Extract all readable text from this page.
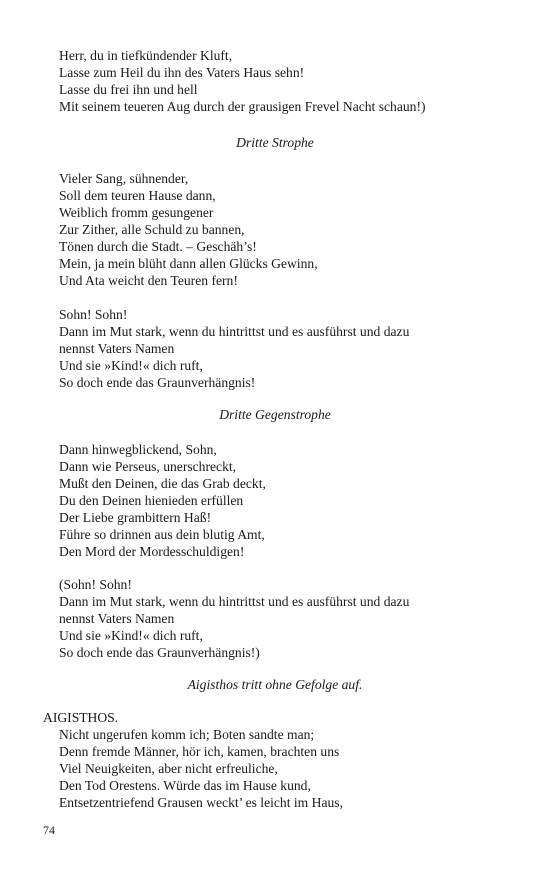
Herr, du in tiefkündender Kluft,
Lasse zum Heil du ihn des Vaters Haus sehn!
Lasse du frei ihn und hell
Mit seinem teueren Aug durch der grausigen Frevel Nacht schaun!)
Dritte Strophe
Vieler Sang, sühnender,
Soll dem teuren Hause dann,
Weiblich fromm gesungener
Zur Zither, alle Schuld zu bannen,
Tönen durch die Stadt. – Geschäh’s!
Mein, ja mein blüht dann allen Glücks Gewinn,
Und Ata weicht den Teuren fern!
Sohn! Sohn!
Dann im Mut stark, wenn du hintrittst und es ausführst und dazu
nennst Vaters Namen
Und sie »Kind!« dich ruft,
So doch ende das Graunverhängnis!
Dritte Gegenstrophe
Dann hinwegblickend, Sohn,
Dann wie Perseus, unerschreckt,
Mußt den Deinen, die das Grab deckt,
Du den Deinen hienieden erfüllen
Der Liebe grambittern Haß!
Führe so drinnen aus dein blutig Amt,
Den Mord der Mordesschuldigen!
(Sohn! Sohn!
Dann im Mut stark, wenn du hintrittst und es ausführst und dazu
nennst Vaters Namen
Und sie »Kind!« dich ruft,
So doch ende das Graunverhängnis!)
Aigisthos tritt ohne Gefolge auf.
AIGISTHOS.
Nicht ungerufen komm ich; Boten sandte man;
Denn fremde Männer, hör ich, kamen, brachten uns
Viel Neuigkeiten, aber nicht erfreuliche,
Den Tod Orestens. Würde das im Hause kund,
Entsetzentriefend Grausen weckt’ es leicht im Haus,
74
